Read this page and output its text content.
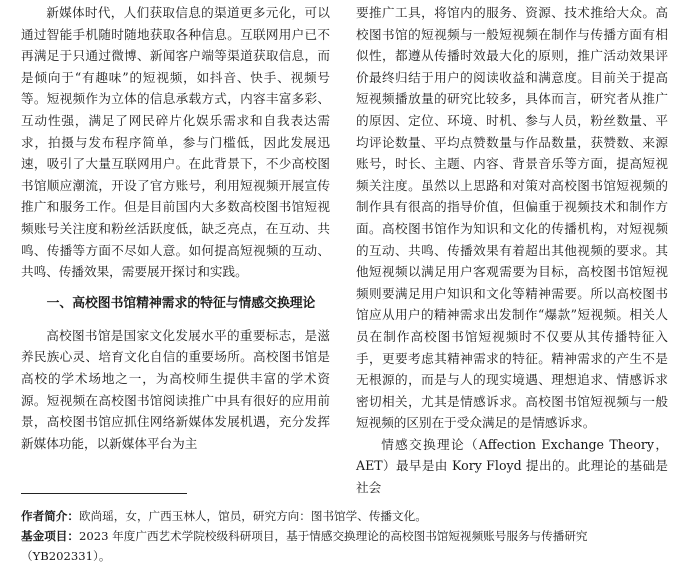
新媒体时代，人们获取信息的渠道更多元化，可以通过智能手机随时随地获取各种信息。互联网用户已不再满足于只通过微博、新闻客户端等渠道获取信息，而是倾向于“有趣味”的短视频，如抖音、快手、视频号等。短视频作为立体的信息承载方式，内容丰富多彩、互动性强，满足了网民碎片化娱乐需求和自我表达需求，拍摄与发布程序简单，参与门槛低，因此发展迅速，吸引了大量互联网用户。在此背景下，不少高校图书馆顺应潮流，开设了官方账号，利用短视频开展宣传推广和服务工作。但是目前国内大多数高校图书馆短视频账号关注度和粉丝活跃度低，缺乏亮点，在互动、共鸣、传播等方面不尽如人意。如何提高短视频的互动、共鸣、传播效果，需要展开探讨和实践。

一、高校图书馆精神需求的特征与情感交换理论

高校图书馆是国家文化发展水平的重要标志，是滋养民族心灵、培育文化自信的重要场所。高校图书馆是高校的学术场地之一，为高校师生提供丰富的学术资源。短视频在高校图书馆阅读推广中具有很好的应用前景，高校图书馆应抓住网络新媒体发展机遇，充分发挥新媒体功能，以新媒体平台为主

要推广工具，将馆内的服务、资源、技术推给大众。高校图书馆的短视频与一般短视频在制作与传播方面有相似性，都遵从传播时效最大化的原则，推广活动效果评价最终归结于用户的阅读收益和满意度。目前关于提高短视频播放量的研究比较多，具体而言，研究者从推广的原因、定位、环境、时机、参与人员，粉丝数量、平均评论数量、平均点赞数量与作品数量，获赞数、来源账号，时长、主题、内容、背景音乐等方面，提高短视频关注度。虽然以上思路和对策对高校图书馆短视频的制作具有很高的指导价值，但偏重于视频技术和制作方面。高校图书馆作为知识和文化的传播机构，对短视频的互动、共鸣、传播效果有着超出其他视频的要求。其他短视频以满足用户客观需要为目标，高校图书馆短视频则要满足用户知识和文化等精神需要。所以高校图书馆应从用户的精神需求出发制作“爆款”短视频。相关人员在制作高校图书馆短视频时不仅要从其传播特征入手，更要考虑其精神需求的特征。精神需求的产生不是无根源的，而是与人的现实境遇、理想追求、情感诉求密切相关，尤其是情感诉求。高校图书馆短视频与一般短视频的区别在于受众满足的是情感诉求。

情感交换理论（Affection Exchange Theory，AET）最早是由 Kory Floyd 提出的。此理论的基础是社会

作者简介：欧尚瑶，女，广西玉林人，馆员，研究方向：图书馆学、传播文化。

基金项目：2023 年度广西艺术学院校级科研项目，基于情感交换理论的高校图书馆短视频账号服务与传播研究（YB202331）。
